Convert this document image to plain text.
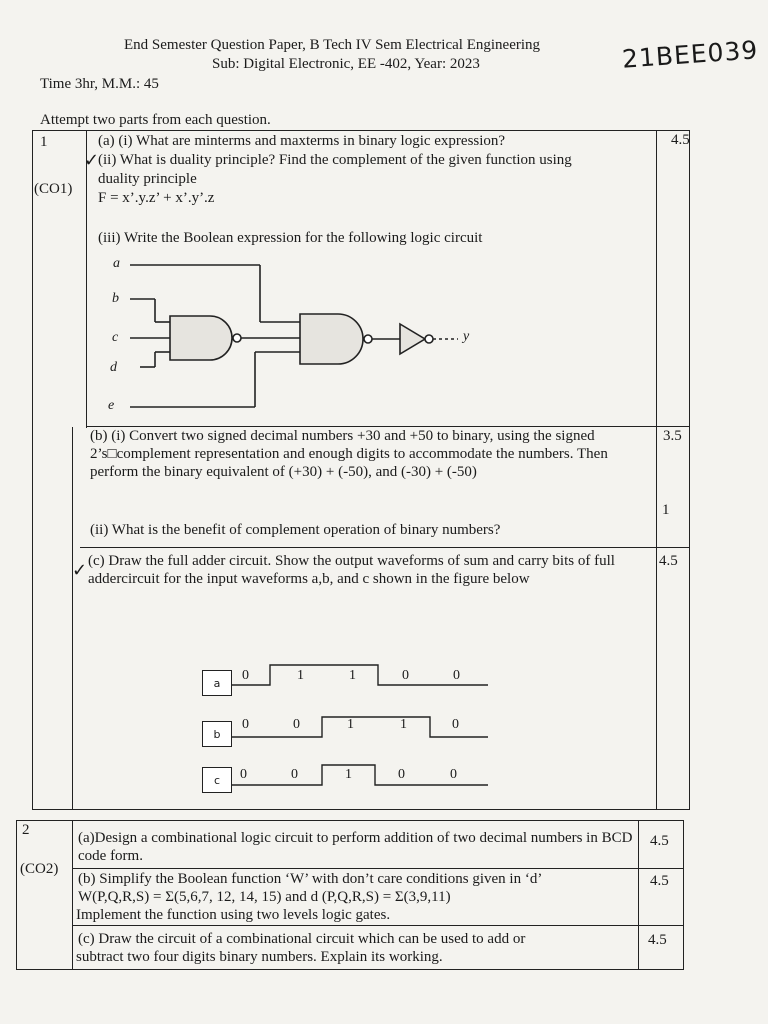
End Semester Question Paper, B Tech IV Sem Electrical Engineering
Sub: Digital Electronic, EE -402, Year: 2023
Time 3hr, M.M.: 45
21BEE039
Attempt two parts from each question.
1
(CO1)
✓
(a) (i) What are minterms and maxterms in binary logic expression?
(ii) What is duality principle? Find the complement of the given function using
duality principle
F = x’.y.z’ + x’.y’.z
(iii) Write the Boolean expression for the following logic circuit
4.5
a
b
c
d
e
y
(b) (i) Convert two signed decimal numbers +30 and +50 to binary, using the signed 2’s□complement representation and enough digits to accommodate the numbers. Then perform the binary equivalent of (+30) + (-50), and (-30) + (-50)
3.5
1
(ii) What is the benefit of complement operation of binary numbers?
✓ (c) Draw the full adder circuit. Show the output waveforms of sum and carry bits of full addercircuit for the input waveforms a,b, and c shown in the figure below
4.5
a
b
c
0	1	1	0	0
0	0	1	1	0
0	0	1	0	0
2
(CO2)
(a)Design a combinational logic circuit to perform addition of two decimal numbers in BCD code form.
4.5
(b) Simplify the Boolean function ‘W’ with don’t care conditions given in ‘d’
W(P,Q,R,S) = Σ(5,6,7, 12, 14, 15) and d (P,Q,R,S) = Σ(3,9,11)
Implement the function using two levels logic gates.
4.5
(c) Draw the circuit of a combinational circuit which can be used to add or
subtract two four digits binary numbers. Explain its working.
4.5
